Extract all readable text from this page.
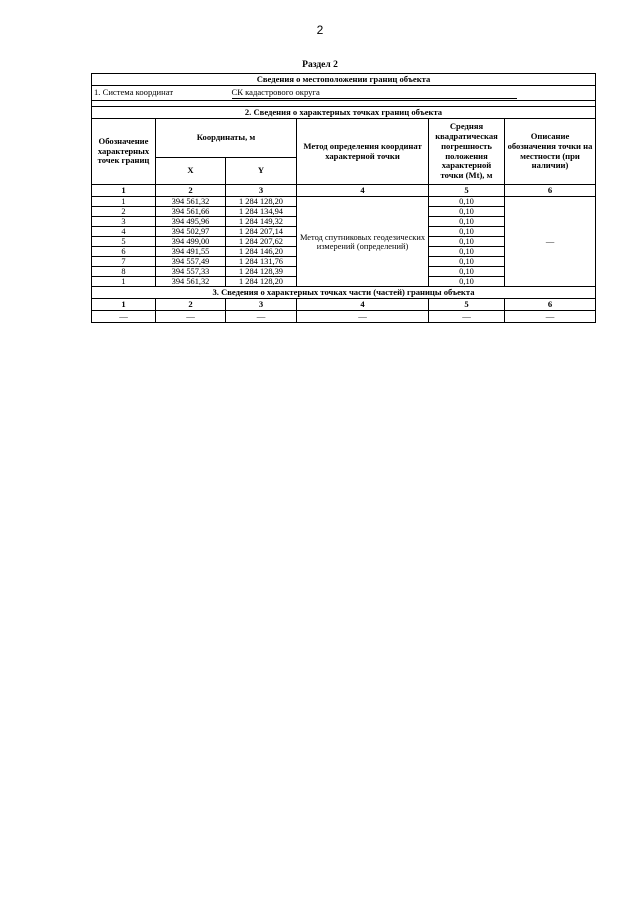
2
Раздел 2
Сведения о местоположении границ объекта					
1. Система координат		СК кадастрового округа			

2. Сведения о характерных точках границ объекта					
Обозначение характерных точек границ	Координаты, м		Метод определения координат характерной точки	Средняя квадратическая погрешность положения характерной точки (Mt), м	Описание обозначения точки на местности (при наличии)
	X	Y			
1	2	3	4	5	6
1	394 561,32	1 284 128,20	Метод спутниковых геодезических измерений (определений)	0,10	—
2	394 561,66	1 284 134,94		0,10	
3	394 495,96	1 284 149,32		0,10	
4	394 502,97	1 284 207,14		0,10	
5	394 499,00	1 284 207,62		0,10	
6	394 491,55	1 284 146,20		0,10	
7	394 557,49	1 284 131,76		0,10	
8	394 557,33	1 284 128,39		0,10	
1	394 561,32	1 284 128,20		0,10	
3. Сведения о характерных точках части (частей) границы объекта					
1	2	3	4	5	6
—	—	—	—	—	—
